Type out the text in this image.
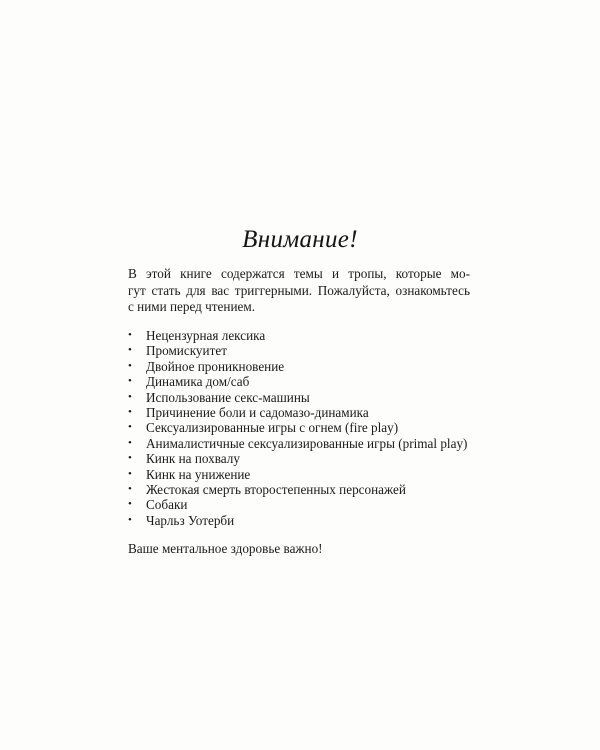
Внимание!
В этой книге содержатся темы и тропы, которые мо-
гут стать для вас триггерными. Пожалуйста, ознакомьтесь
с ними перед чтением.
• Нецензурная лексика
• Промискуитет
• Двойное проникновение
• Динамика дом/саб
• Использование секс-машины
• Причинение боли и садомазо-динамика
• Сексуализированные игры с огнем (fire play)
• Анималистичные сексуализированные игры (primal play)
• Кинк на похвалу
• Кинк на унижение
• Жестокая смерть второстепенных персонажей
• Собаки
• Чарльз Уотерби
Ваше ментальное здоровье важно!
